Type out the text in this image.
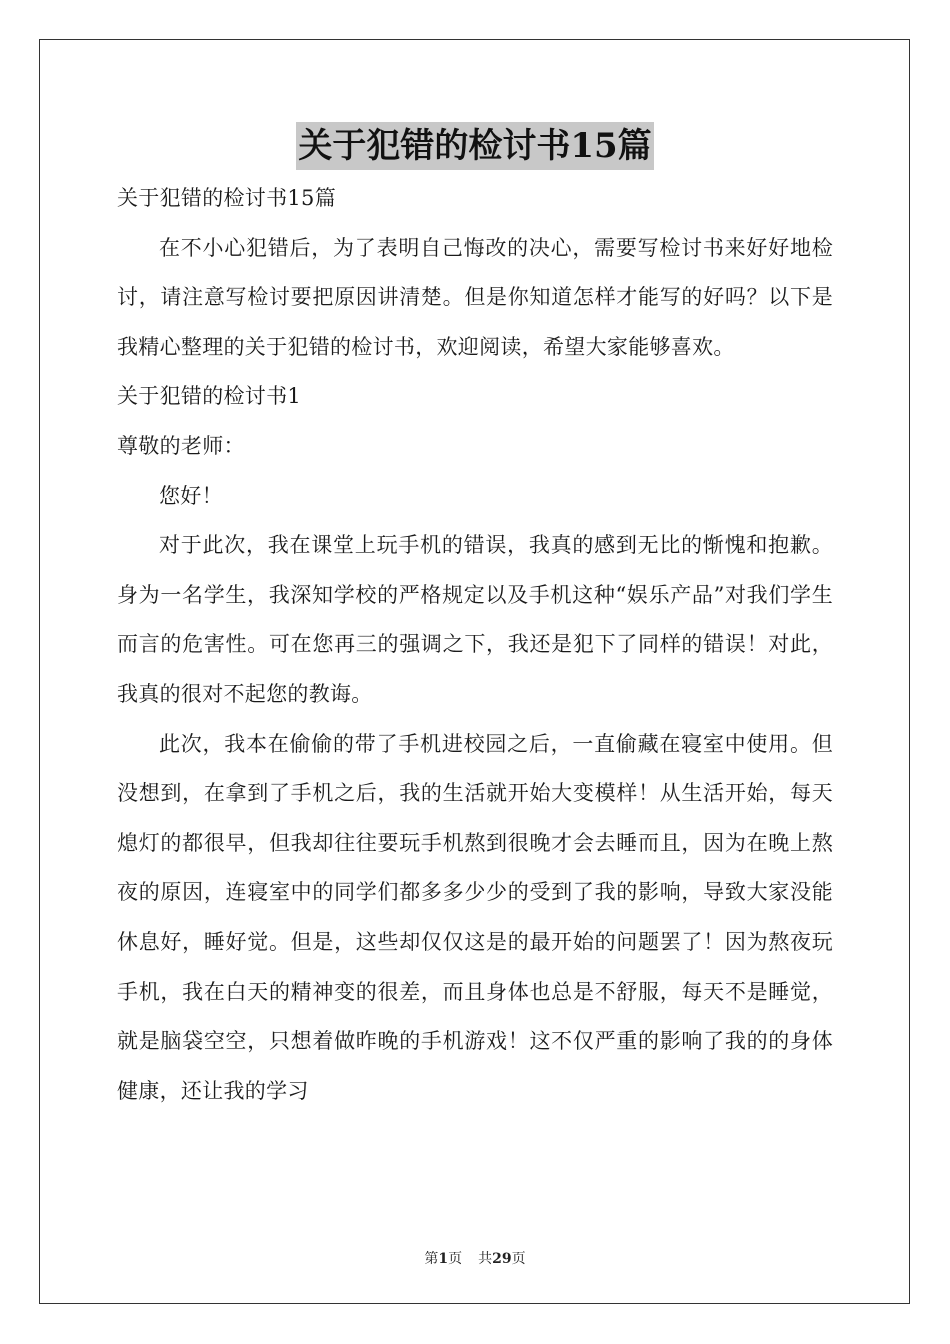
关于犯错的检讨书15篇

关于犯错的检讨书15篇

在不小心犯错后，为了表明自己悔改的决心，需要写检讨书来好好地检讨，请注意写检讨要把原因讲清楚。但是你知道怎样才能写的好吗？以下是我精心整理的关于犯错的检讨书，欢迎阅读，希望大家能够喜欢。

关于犯错的检讨书1

尊敬的老师：

您好！

对于此次，我在课堂上玩手机的错误，我真的感到无比的惭愧和抱歉。身为一名学生，我深知学校的严格规定以及手机这种“娱乐产品”对我们学生而言的危害性。可在您再三的强调之下，我还是犯下了同样的错误！对此，我真的很对不起您的教诲。

此次，我本在偷偷的带了手机进校园之后，一直偷藏在寝室中使用。但没想到，在拿到了手机之后，我的生活就开始大变模样！从生活开始，每天熄灯的都很早，但我却往往要玩手机熬到很晚才会去睡而且，因为在晚上熬夜的原因，连寝室中的同学们都多多少少的受到了我的影响，导致大家没能休息好，睡好觉。但是，这些却仅仅这是的最开始的问题罢了！因为熬夜玩手机，我在白天的精神变的很差，而且身体也总是不舒服，每天不是睡觉，就是脑袋空空，只想着做昨晚的手机游戏！这不仅严重的影响了我的的身体健康，还让我的学习

第1页 共29页
